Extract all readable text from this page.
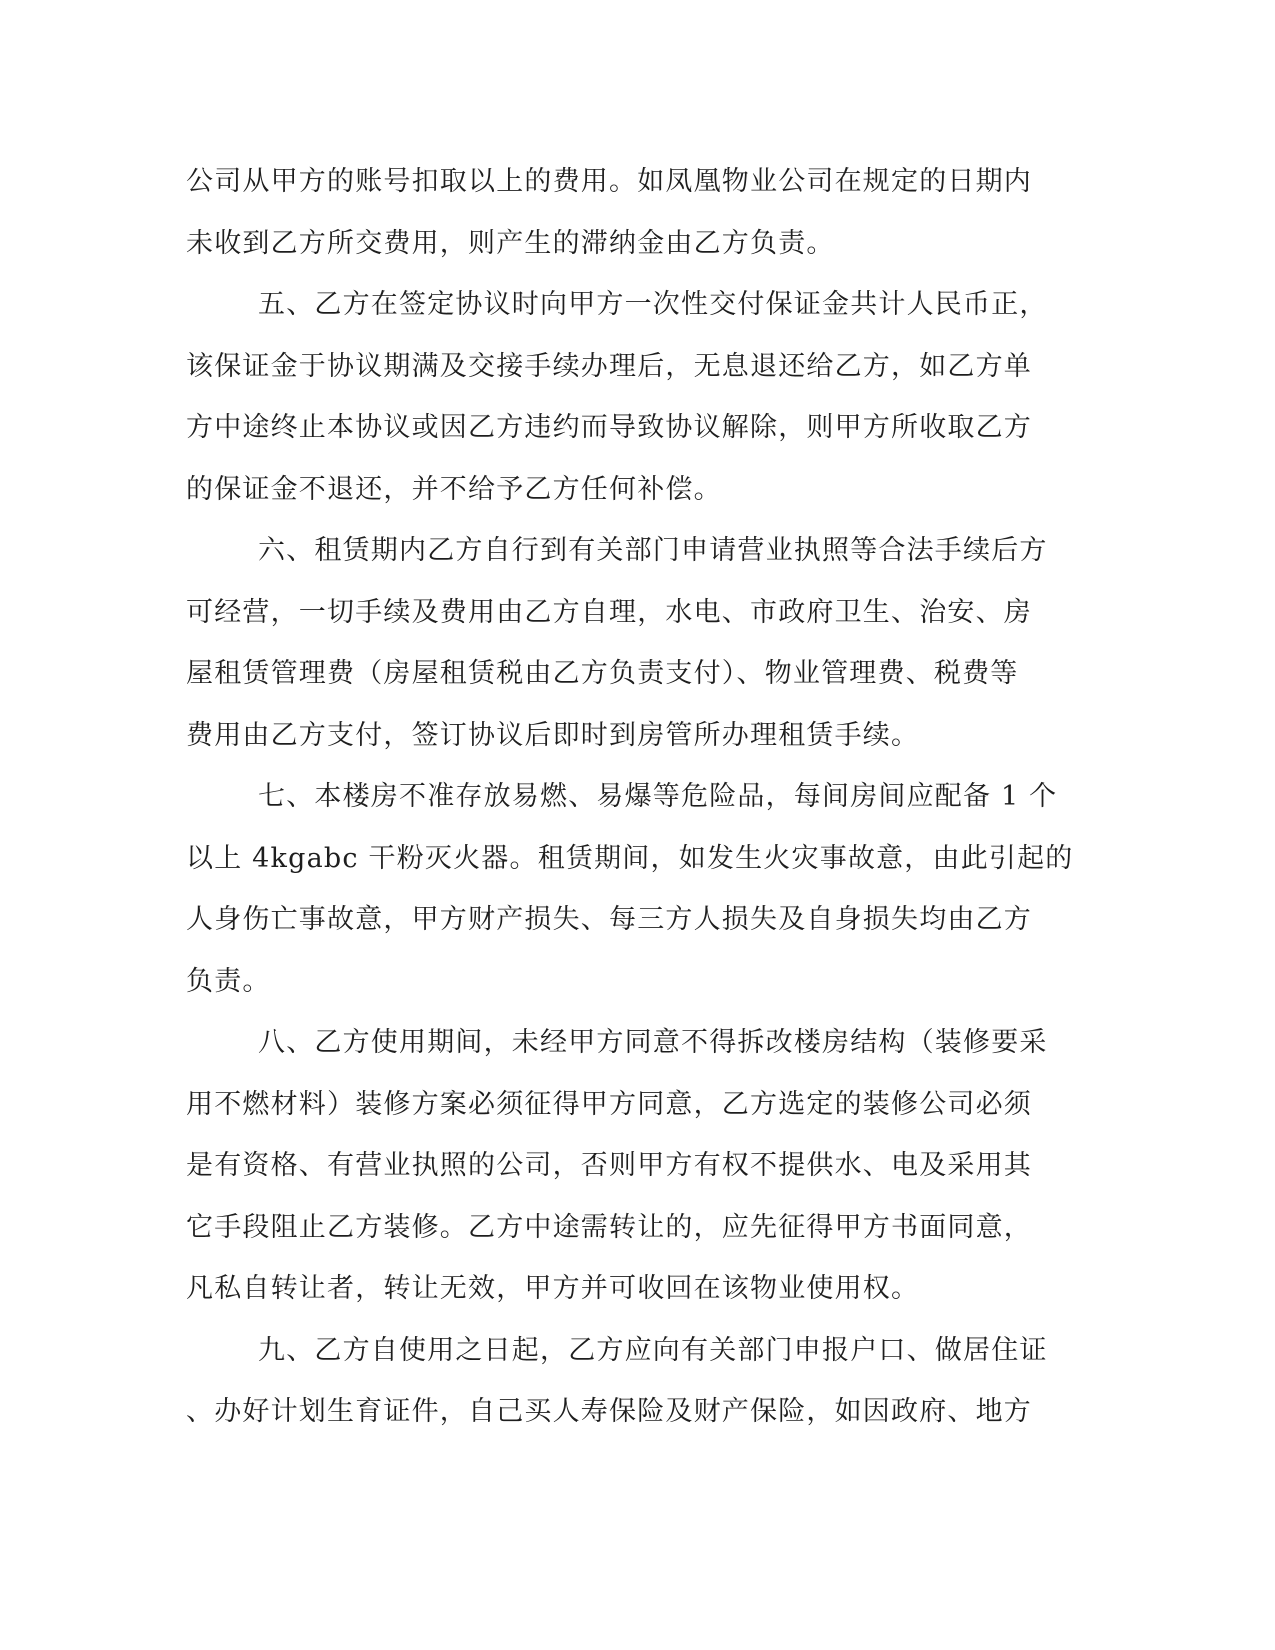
公司从甲方的账号扣取以上的费用。如凤凰物业公司在规定的日期内
未收到乙方所交费用，则产生的滞纳金由乙方负责。
五、乙方在签定协议时向甲方一次性交付保证金共计人民币正，
该保证金于协议期满及交接手续办理后，无息退还给乙方，如乙方单
方中途终止本协议或因乙方违约而导致协议解除，则甲方所收取乙方
的保证金不退还，并不给予乙方任何补偿。
六、租赁期内乙方自行到有关部门申请营业执照等合法手续后方
可经营，一切手续及费用由乙方自理，水电、市政府卫生、治安、房
屋租赁管理费（房屋租赁税由乙方负责支付）、物业管理费、税费等
费用由乙方支付，签订协议后即时到房管所办理租赁手续。
七、本楼房不准存放易燃、易爆等危险品，每间房间应配备 1 个
以上 4kgabc 干粉灭火器。租赁期间，如发生火灾事故意，由此引起的
人身伤亡事故意，甲方财产损失、每三方人损失及自身损失均由乙方
负责。
八、乙方使用期间，未经甲方同意不得拆改楼房结构（装修要采
用不燃材料）装修方案必须征得甲方同意，乙方选定的装修公司必须
是有资格、有营业执照的公司，否则甲方有权不提供水、电及采用其
它手段阻止乙方装修。乙方中途需转让的，应先征得甲方书面同意，
凡私自转让者，转让无效，甲方并可收回在该物业使用权。
九、乙方自使用之日起，乙方应向有关部门申报户口、做居住证
、办好计划生育证件，自己买人寿保险及财产保险，如因政府、地方
